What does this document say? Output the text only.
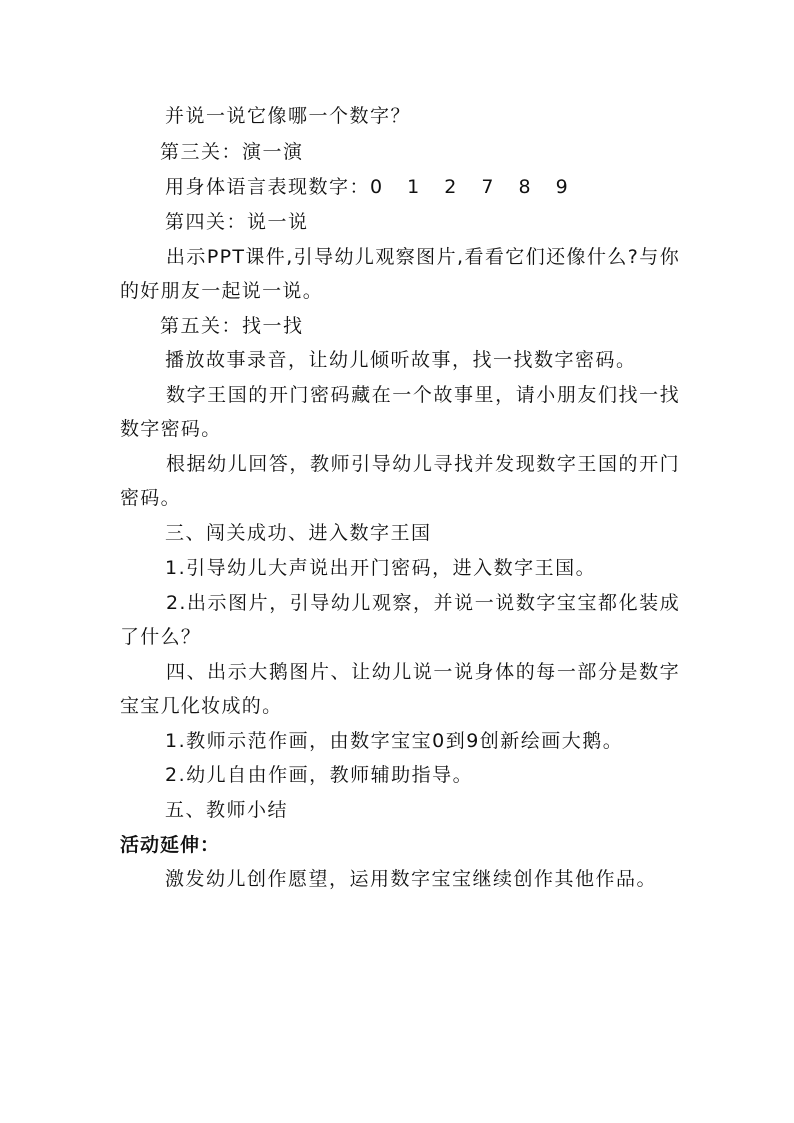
并说一说它像哪一个数字？
第三关：演一演
用身体语言表现数字：0　 1　 2　 7　 8　 9
第四关：说一说
出示PPT课件,引导幼儿观察图片,看看它们还像什么?与你的好朋友一起说一说。
第五关：找一找
播放故事录音，让幼儿倾听故事，找一找数字密码。
数字王国的开门密码藏在一个故事里，请小朋友们找一找数字密码。
根据幼儿回答，教师引导幼儿寻找并发现数字王国的开门密码。
三、闯关成功、进入数字王国
1.引导幼儿大声说出开门密码，进入数字王国。
2.出示图片，引导幼儿观察，并说一说数字宝宝都化装成了什么？
四、出示大鹅图片、让幼儿说一说身体的每一部分是数字宝宝几化妆成的。
1.教师示范作画，由数字宝宝0到9创新绘画大鹅。
2.幼儿自由作画，教师辅助指导。
五、教师小结
活动延伸：
激发幼儿创作愿望，运用数字宝宝继续创作其他作品。
